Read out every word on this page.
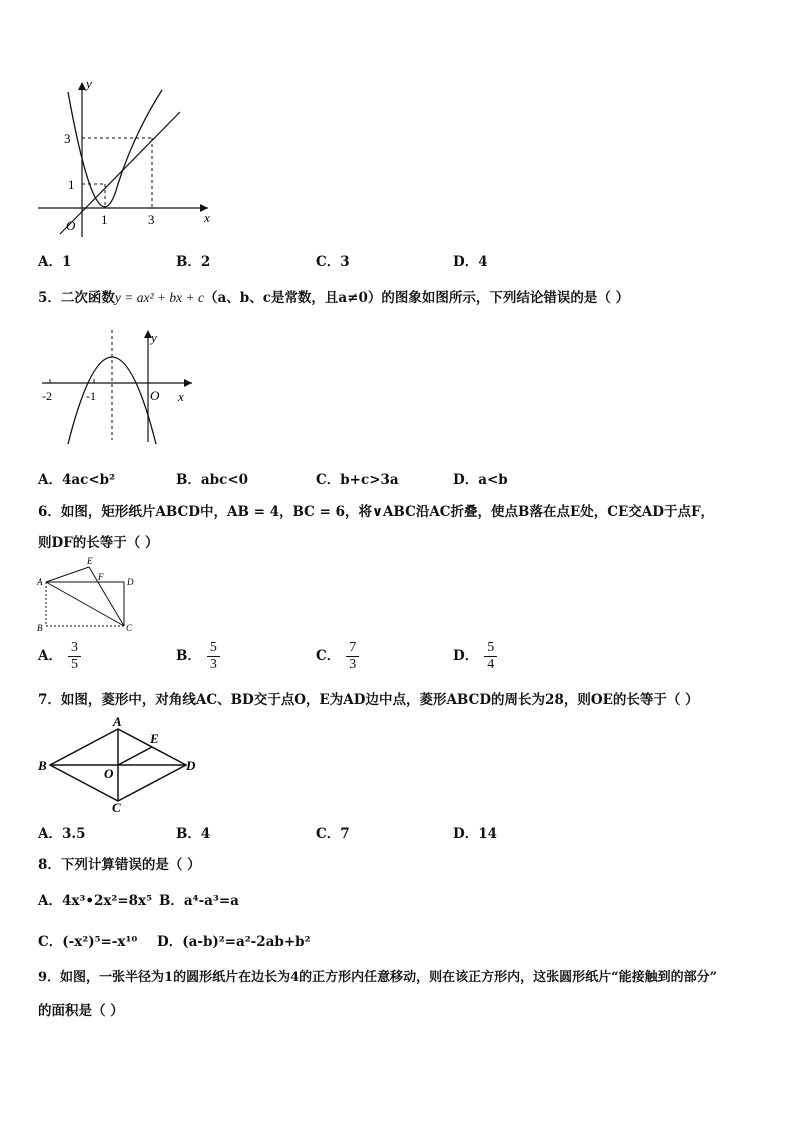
y
x
O
3
1
1	3
A．1	B．2	C．3	D．4
5．二次函数y = ax² + bx + c（a、b、c是常数，且a≠0）的图象如图所示，下列结论错误的是（ ）
y
x
O
-2	-1
A．4ac<b²	B．abc<0	C．b+c>3a	D．a<b
6．如图，矩形纸片ABCD中，AB = 4，BC = 6，将∨ABC沿AC折叠，使点B落在点E处，CE交AD于点F，
则DF的长等于（ ）
A
B	C
D
E
F
A． $\frac{3}{5}$	B． $\frac{5}{3}$	C． $\frac{7}{3}$	D． $\frac{5}{4}$
7．如图，菱形中，对角线AC、BD交于点O，E为AD边中点，菱形ABCD的周长为28，则OE的长等于（ ）
A
B
C
D
E
O
A．3.5	B．4	C．7	D．14
8．下列计算错误的是（ ）
A．4x³•2x²=8x⁵ B．a⁴-a³=a
C．(-x²)⁵=-x¹⁰ D．(a-b)²=a²-2ab+b²
9．如图，一张半径为1的圆形纸片在边长为4的正方形内任意移动，则在该正方形内，这张圆形纸片“能接触到的部分”
的面积是（ ）
